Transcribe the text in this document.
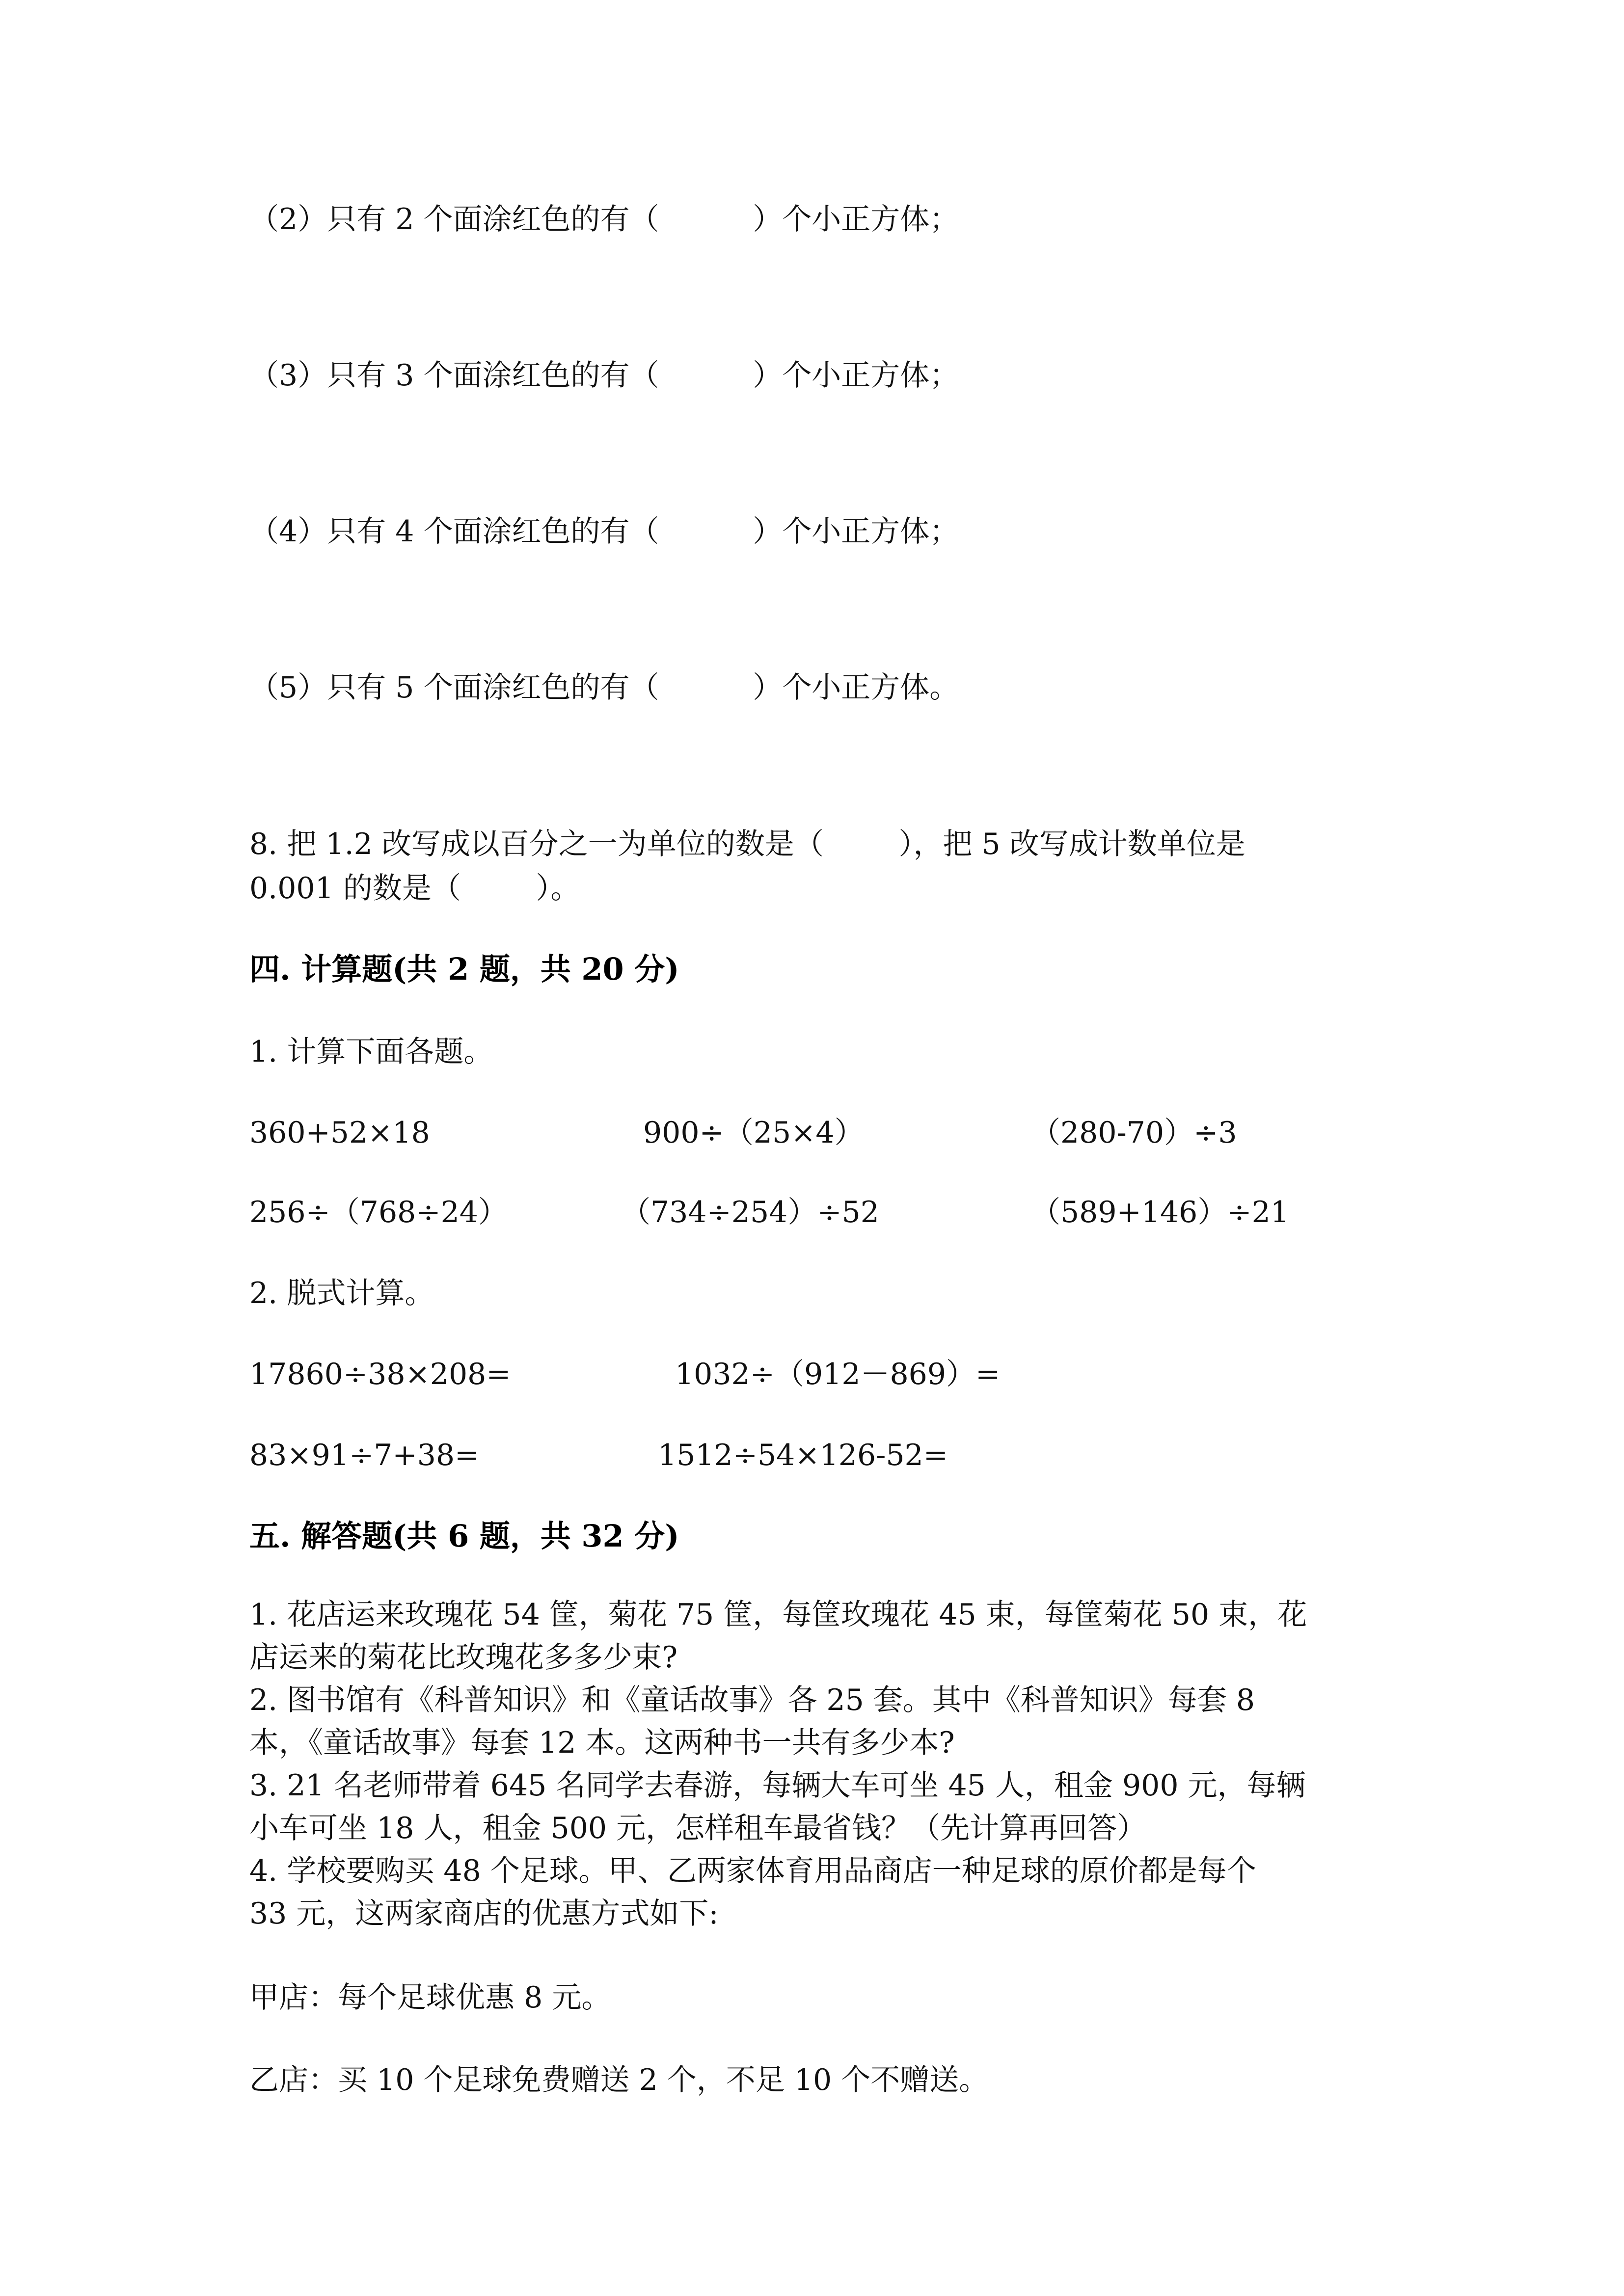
（2）只有 2 个面涂红色的有（          ）个小正方体；
（3）只有 3 个面涂红色的有（          ）个小正方体；
（4）只有 4 个面涂红色的有（          ）个小正方体；
（5）只有 5 个面涂红色的有（          ）个小正方体。
8. 把 1.2 改写成以百分之一为单位的数是（        ），把 5 改写成计数单位是
0.001 的数是（        ）。
四. 计算题(共 2 题，共 20 分)
1. 计算下面各题。
360+52×18	900÷（25×4）	（280-70）÷3
256÷（768÷24）	（734÷254）÷52	（589+146）÷21
2. 脱式计算。
17860÷38×208=	1032÷（912－869）=
83×91÷7+38=	1512÷54×126-52=
五. 解答题(共 6 题，共 32 分)
1. 花店运来玫瑰花 54 筐，菊花 75 筐，每筐玫瑰花 45 束，每筐菊花 50 束，花
店运来的菊花比玫瑰花多多少束?
2. 图书馆有《科普知识》和《童话故事》各 25 套。其中《科普知识》每套 8
本，《童话故事》每套 12 本。这两种书一共有多少本?
3. 21 名老师带着 645 名同学去春游，每辆大车可坐 45 人，租金 900 元，每辆
小车可坐 18 人，租金 500 元，怎样租车最省钱？（先计算再回答）
4. 学校要购买 48 个足球。甲、乙两家体育用品商店一种足球的原价都是每个
33 元，这两家商店的优惠方式如下:
甲店：每个足球优惠 8 元。
乙店：买 10 个足球免费赠送 2 个，不足 10 个不赠送。
